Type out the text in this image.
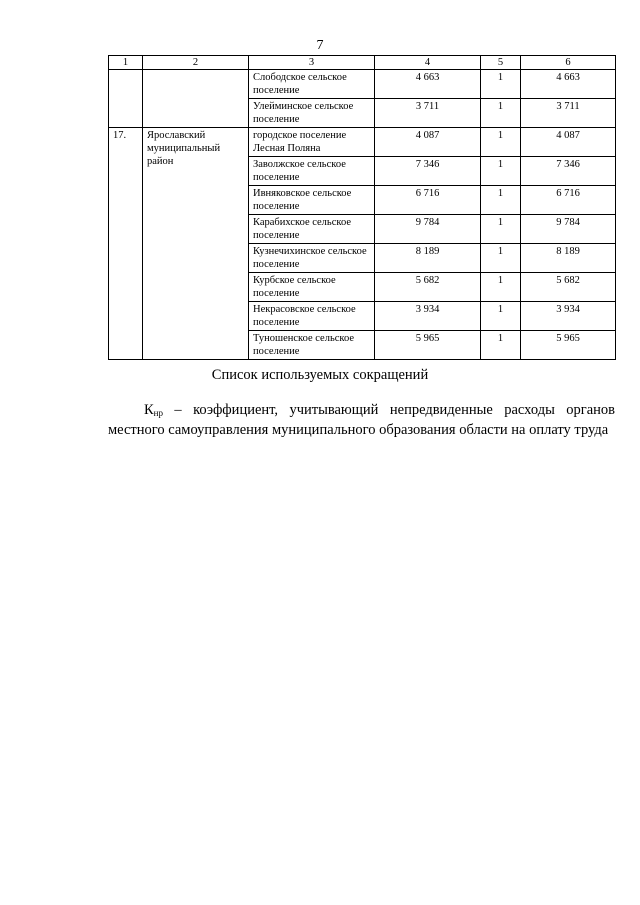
7
1	2	3	4	5	6
		Слободское сельское поселение	4 663	1	4 663
		Улейминское сельское поселение	3 711	1	3 711
17.	Ярославский муниципальный район	городское поселение Лесная Поляна	4 087	1	4 087
		Заволжское сельское поселение	7 346	1	7 346
		Ивняковское сельское поселение	6 716	1	6 716
		Карабихское сельское поселение	9 784	1	9 784
		Кузнечихинское сельское поселение	8 189	1	8 189
		Курбское сельское поселение	5 682	1	5 682
		Некрасовское сельское поселение	3 934	1	3 934
		Туношенское сельское поселение	5 965	1	5 965
Список используемых сокращений
$К_{нр}$ – коэффициент, учитывающий непредвиденные расходы органов местного самоуправления муниципального образования области на оплату труда
